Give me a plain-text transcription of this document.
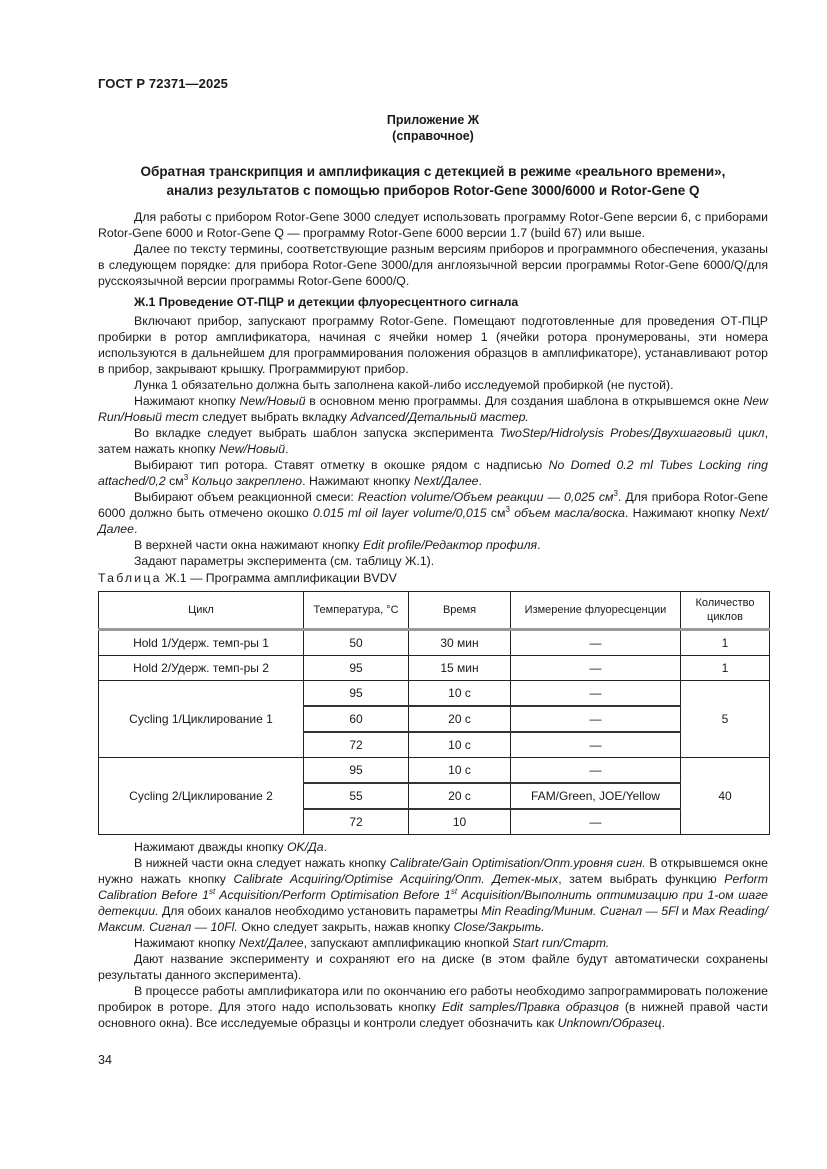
ГОСТ Р 72371—2025
Приложение Ж
(справочное)
Обратная транскрипция и амплификация с детекцией в режиме «реального времени»,
анализ результатов с помощью приборов Rotor-Gene 3000/6000 и Rotor-Gene Q

Для работы с прибором Rotor-Gene 3000 следует использовать программу Rotor-Gene версии 6, с приборами Rotor-Gene 6000 и Rotor-Gene Q — программу Rotor-Gene 6000 версии 1.7 (build 67) или выше.

Далее по тексту термины, соответствующие разным версиям приборов и программного обеспечения, указаны в следующем порядке: для прибора Rotor-Gene 3000/для англоязычной версии программы Rotor-Gene 6000/Q/для русскоязычной версии программы Rotor-Gene 6000/Q.

Ж.1 Проведение ОТ-ПЦР и детекции флуоресцентного сигнала

Включают прибор, запускают программу Rotor-Gene. Помещают подготовленные для проведения ОТ-ПЦР пробирки в ротор амплификатора, начиная с ячейки номер 1 (ячейки ротора пронумерованы, эти номера используются в дальнейшем для программирования положения образцов в амплификаторе), устанавливают ротор в прибор, закрывают крышку. Программируют прибор.

Лунка 1 обязательно должна быть заполнена какой-либо исследуемой пробиркой (не пустой).

Нажимают кнопку New/Новый в основном меню программы. Для создания шаблона в открывшемся окне New Run/Новый тест следует выбрать вкладку Advanced/Детальный мастер.

Во вкладке следует выбрать шаблон запуска эксперимента TwoStep/Hidrolysis Probes/Двухшаговый цикл, затем нажать кнопку New/Новый.

Выбирают тип ротора. Ставят отметку в окошке рядом с надписью No Domed 0.2 ml Tubes Locking ring attached/0,2 $см^3$ Кольцо закреплено. Нажимают кнопку Next/Далее.

Выбирают объем реакционной смеси: Reaction volume/Объем реакции — 0,025 $см^3$. Для прибора Rotor-Gene 6000 должно быть отмечено окошко 0.015 ml oil layer volume/0,015 $см^3$ объем масла/воска. Нажимают кнопку Next/ Далее.

В верхней части окна нажимают кнопку Edit profile/Редактор профиля.

Задают параметры эксперимента (см. таблицу Ж.1).

Таблица Ж.1 — Программа амплификации BVDV
Цикл	Температура, °С	Время	Измерение флуоресценции	Количество циклов
Hold 1/Удерж. темп-ры 1	50	30 мин	—	1
Hold 2/Удерж. темп-ры 2	95	15 мин	—	1
Cycling 1/Циклирование 1	95	10 с	—	5
	60	20 с	—	
	72	10 с	—	
Cycling 2/Циклирование 2	95	10 с	—	40
	55	20 с	FAM/Green, JOE/Yellow	
	72	10	—	

Нажимают дважды кнопку OK/Да.

В нижней части окна следует нажать кнопку Calibrate/Gain Optimisation/Опт.уровня сигн. В открывшемся окне нужно нажать кнопку Calibrate Acquiring/Optimise Acquiring/Опт. Детек-мых, затем выбрать функцию Perform Calibration Before 1st Acquisition/Perform Optimisation Before 1st Acquisition/Выполнить оптимизацию при 1-ом шаге детекции. Для обоих каналов необходимо установить параметры Min Reading/Миним. Сигнал — 5Fl и Max Reading/Максим. Сигнал — 10Fl. Окно следует закрыть, нажав кнопку Close/Закрыть.

Нажимают кнопку Next/Далее, запускают амплификацию кнопкой Start run/Старт.

Дают название эксперименту и сохраняют его на диске (в этом файле будут автоматически сохранены результаты данного эксперимента).

В процессе работы амплификатора или по окончанию его работы необходимо запрограммировать положение пробирок в роторе. Для этого надо использовать кнопку Edit samples/Правка образцов (в нижней правой части основного окна). Все исследуемые образцы и контроли следует обозначить как Unknown/Образец.

34
